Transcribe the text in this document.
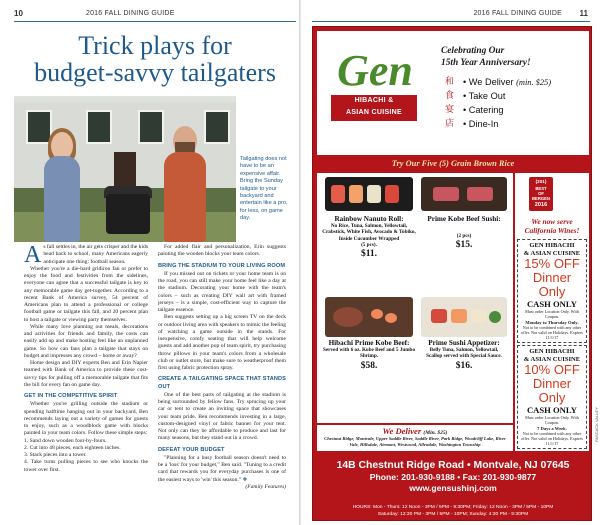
10	2016 FALL DINING GUIDE
Trick plays for
budget-savvy tailgaters
Tailgating does not have to be an expensive affair. Bring the Sunday tailgate to your backyard and entertain like a pro, for less, on game day.

As fall settles in, the air gets crisper and the kids head back to school, many Americans eagerly anticipate one thing: football season.

Whether you're a die-hard gridiron fan or prefer to enjoy the food and festivities from the sidelines, everyone can agree that a successful tailgate is key to any memorable game day get-together. According to a recent Bank of America survey, 54 percent of Americans plan to attend a professional or college football game or tailgate this fall, and 20 percent plan to host a tailgate or viewing party themselves.

While many love planning out meals, decorations and activities for friends and family, the costs can easily add up and make hosting feel like an unplanned game. So how can fans plan a tailgate that stays on budget and impresses any crowd – home or away?

Home design and DIY experts Ben and Erin Napier teamed with Bank of America to provide these cost-savvy tips for pulling off a memorable tailgate that fits the bill for every fan on game day.

GET IN THE COMPETITIVE SPIRIT

Whether you're grilling outside the stadium or spending halftime hanging out in your backyard, Ben recommends laying out a variety of games for guests to enjoy, such as a woodblock game with blocks painted in your team colors. Follow these simple steps:

1. Sand down wooden four-by-fours.
2. Cut into 48 pieces, each eighteen inches.
3. Stack pieces into a tower.
4. Take turns pulling pieces to see who knocks the tower over first.

For added flair and personalization, Erin suggests painting the wooden blocks your team colors.

BRING THE STADIUM TO YOUR LIVING ROOM

If you missed out on tickets or your home team is on the road, you can still make your home feel like a day at the stadium. Decorating your home with the team's colors – such as creating DIY wall art with framed jerseys – is a simple, cost-efficient way to capture the tailgate essence.

Ben suggests setting up a big screen TV on the deck or outdoor living area with speakers to mimic the feeling of watching a game outside in the stands. For inexpensive, comfy seating that will help welcome guests and add another pop of team spirit, try purchasing throw pillows in your team's colors from a wholesale club or outlet store, but make sure to weatherproof them first using fabric protection spray.

CREATE A TAILGATING SPACE THAT STANDS OUT

One of the best parts of tailgating at the stadium is being surrounded by fellow fans. Try sprucing up your car or tent to create an inviting space that showcases your team pride. Ben recommends investing in a large, custom-designed vinyl or fabric banner for your tent. Not only can they be affordable to produce and last for many seasons, but they stand out in a crowd.

DEFEAT YOUR BUDGET

"Planning for a busy football season doesn't need to be a 'loss' for your budget," Ben said. "Tuning to a credit card that rewards you for everyday purchases is one of the easiest ways to 'win' this season." ❖

(Family Features)

2016 FALL DINING GUIDE 11
Gen
HIBACHI &
ASIAN CUISINE
Celebrating Our
15th Year Anniversary!
和 • We Deliver (min. $25)
食 • Take Out
宴 • Catering
店 • Dine-In
Try Our Five (5) Grain Brown Rice
Rainbow Nanuto Roll:
No Rice, Tuna, Salmon, Yellowtail, Crabstick, White Fish, Avocado & Tobiko, Inside Cucumber Wrapped
(5 pcs).
$11.
Prime Kobe Beef Sushi:
(2 pcs)
$15.
Hibachi Prime Kobe Beef:
Served with 6 oz. Kobe Beef and 5 Jumbo Shrimp.
$58.
Prime Sushi Appetizer:
Belly Tuna, Salmon, Yellowtail, Scallop served with Special Sauce.
$16.
We Deliver (Min. $25)
Chestnut Ridge, Montvale, Upper Saddle River, Saddle River, Park Ridge, Woodcliff Lake, River Vale, Hillsdale, Airmont, Westwood, Allendale, Washington Township
(201)
BEST
OF BERGEN
2016
We now serve
California Wines!
GEN HIBACHI
& ASIAN CUISINE
15% OFF
Dinner
Only
CASH ONLY
Must order Location Only. With Coupon.
Monday to Thursday Only.
Not to be combined with any other offer. Not valid on Holidays. Expires 11/1/17
GEN HIBACHI
& ASIAN CUISINE
10% OFF
Dinner
Only
CASH ONLY
Must order Location Only. With Coupon.
7 Days a Week.
Not to be combined with any other offer. Not valid on Holidays. Expires 11/1/17
14B Chestnut Ridge Road • Montvale, NJ 07645
Phone: 201-930-9188 • Fax: 201-930-9877
www.gensushinj.com
HOURS: Mon - Thurs: 12 Noon - 3PM / 5PM - 9:30PM; Friday: 12 Noon - 3PM / 5PM - 10PM
Saturday: 12:30 PM - 3PM / 5PM - 10PM; Sunday: 4:30 PM - 9:30PM
PASCACK VALLEY
